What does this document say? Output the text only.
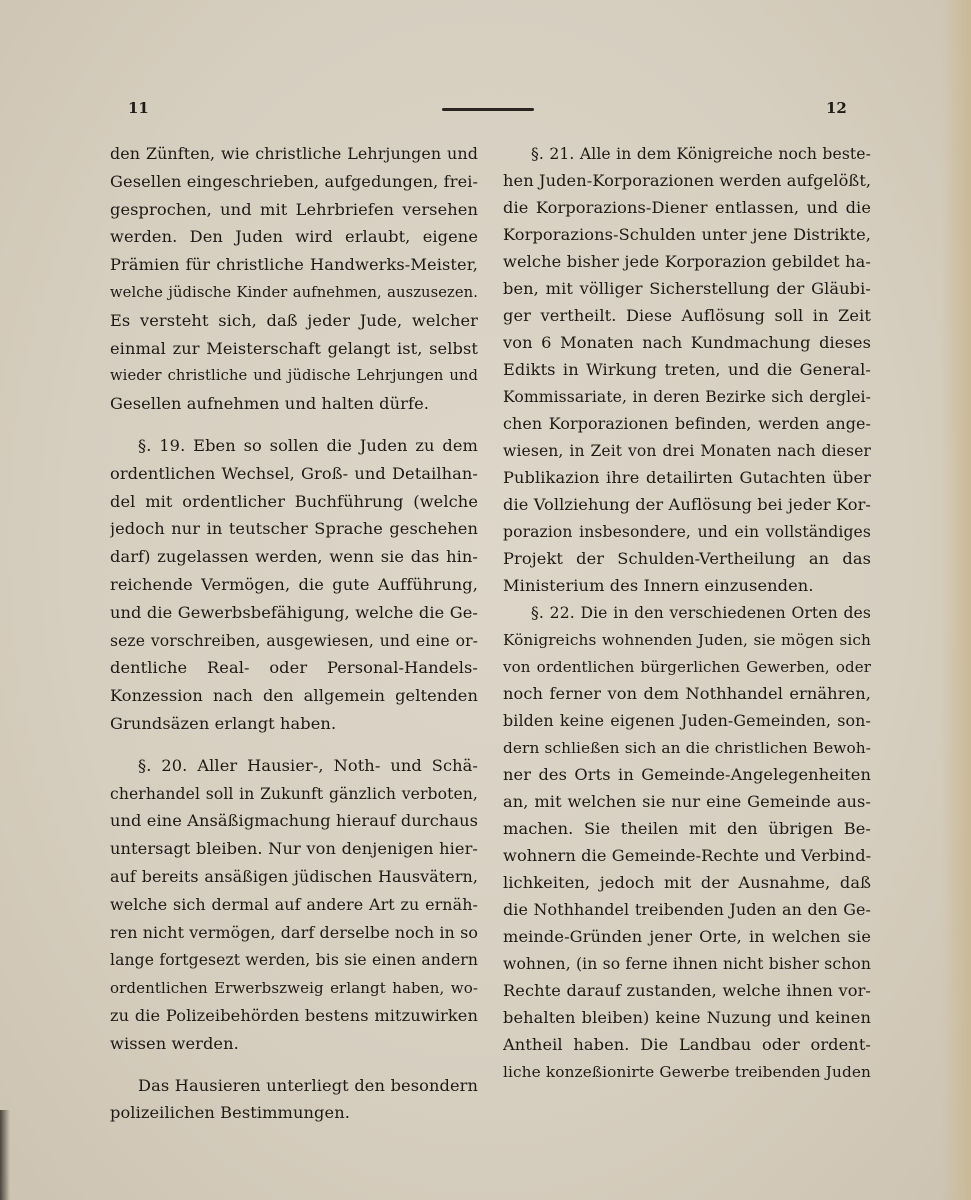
11	12
den Zünften, wie christliche Lehrjungen und
Gesellen eingeschrieben, aufgedungen, frei-
gesprochen, und mit Lehrbriefen versehen
werden. Den Juden wird erlaubt, eigene
Prämien für christliche Handwerks-Meister,
welche jüdische Kinder aufnehmen, auszusezen.
Es versteht sich, daß jeder Jude, welcher
einmal zur Meisterschaft gelangt ist, selbst
wieder christliche und jüdische Lehrjungen und
Gesellen aufnehmen und halten dürfe.
§. 19. Eben so sollen die Juden zu dem
ordentlichen Wechsel, Groß- und Detailhan-
del mit ordentlicher Buchführung (welche
jedoch nur in teutscher Sprache geschehen
darf) zugelassen werden, wenn sie das hin-
reichende Vermögen, die gute Aufführung,
und die Gewerbsbefähigung, welche die Ge-
seze vorschreiben, ausgewiesen, und eine or-
dentliche Real- oder Personal-Handels-
Konzession nach den allgemein geltenden
Grundsäzen erlangt haben.
§. 20. Aller Hausier-, Noth- und Schä-
cherhandel soll in Zukunft gänzlich verboten,
und eine Ansäßigmachung hierauf durchaus
untersagt bleiben. Nur von denjenigen hier-
auf bereits ansäßigen jüdischen Hausvätern,
welche sich dermal auf andere Art zu ernäh-
ren nicht vermögen, darf derselbe noch in so
lange fortgesezt werden, bis sie einen andern
ordentlichen Erwerbszweig erlangt haben, wo-
zu die Polizeibehörden bestens mitzuwirken
wissen werden.
Das Hausieren unterliegt den besondern
polizeilichen Bestimmungen.
§. 21. Alle in dem Königreiche noch beste-
hen Juden-Korporazionen werden aufgelößt,
die Korporazions-Diener entlassen, und die
Korporazions-Schulden unter jene Distrikte,
welche bisher jede Korporazion gebildet ha-
ben, mit völliger Sicherstellung der Gläubi-
ger vertheilt. Diese Auflösung soll in Zeit
von 6 Monaten nach Kundmachung dieses
Edikts in Wirkung treten, und die General-
Kommissariate, in deren Bezirke sich derglei-
chen Korporazionen befinden, werden ange-
wiesen, in Zeit von drei Monaten nach dieser
Publikazion ihre detailirten Gutachten über
die Vollziehung der Auflösung bei jeder Kor-
porazion insbesondere, und ein vollständiges
Projekt der Schulden-Vertheilung an das
Ministerium des Innern einzusenden.
§. 22. Die in den verschiedenen Orten des
Königreichs wohnenden Juden, sie mögen sich
von ordentlichen bürgerlichen Gewerben, oder
noch ferner von dem Nothhandel ernähren,
bilden keine eigenen Juden-Gemeinden, son-
dern schließen sich an die christlichen Bewoh-
ner des Orts in Gemeinde-Angelegenheiten
an, mit welchen sie nur eine Gemeinde aus-
machen. Sie theilen mit den übrigen Be-
wohnern die Gemeinde-Rechte und Verbind-
lichkeiten, jedoch mit der Ausnahme, daß
die Nothhandel treibenden Juden an den Ge-
meinde-Gründen jener Orte, in welchen sie
wohnen, (in so ferne ihnen nicht bisher schon
Rechte darauf zustanden, welche ihnen vor-
behalten bleiben) keine Nuzung und keinen
Antheil haben. Die Landbau oder ordent-
liche konzeßionirte Gewerbe treibenden Juden
